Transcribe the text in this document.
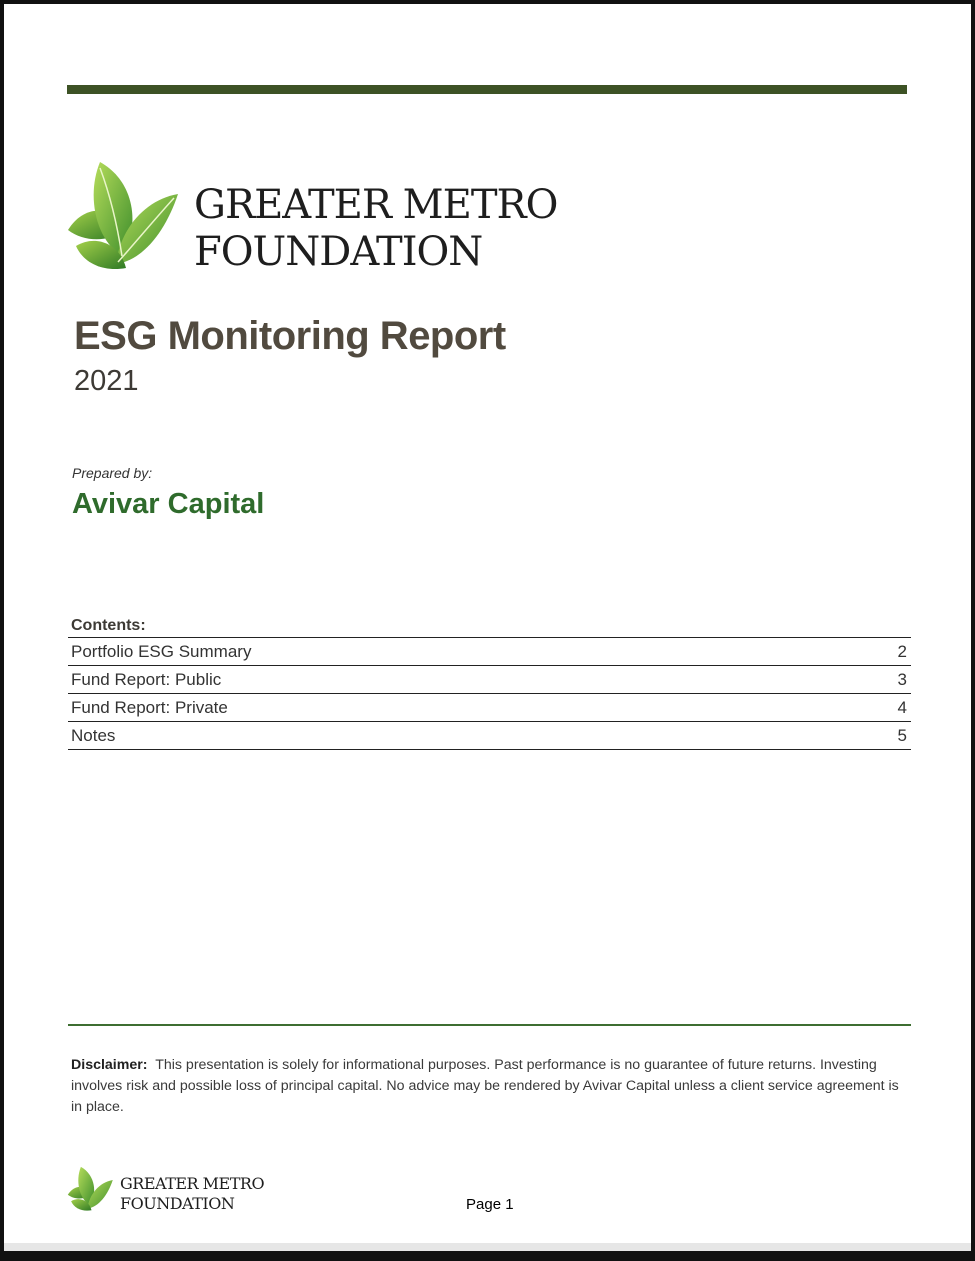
GREATER METRO
FOUNDATION
ESG Monitoring Report
2021
Prepared by:
Avivar Capital
Contents:
Portfolio ESG Summary	2
Fund Report: Public	3
Fund Report: Private	4
Notes	5
Disclaimer: This presentation is solely for informational purposes. Past performance is no guarantee of future returns. Investing involves risk and possible loss of principal capital. No advice may be rendered by Avivar Capital unless a client service agreement is in place.
GREATER METRO
FOUNDATION	Page 1
